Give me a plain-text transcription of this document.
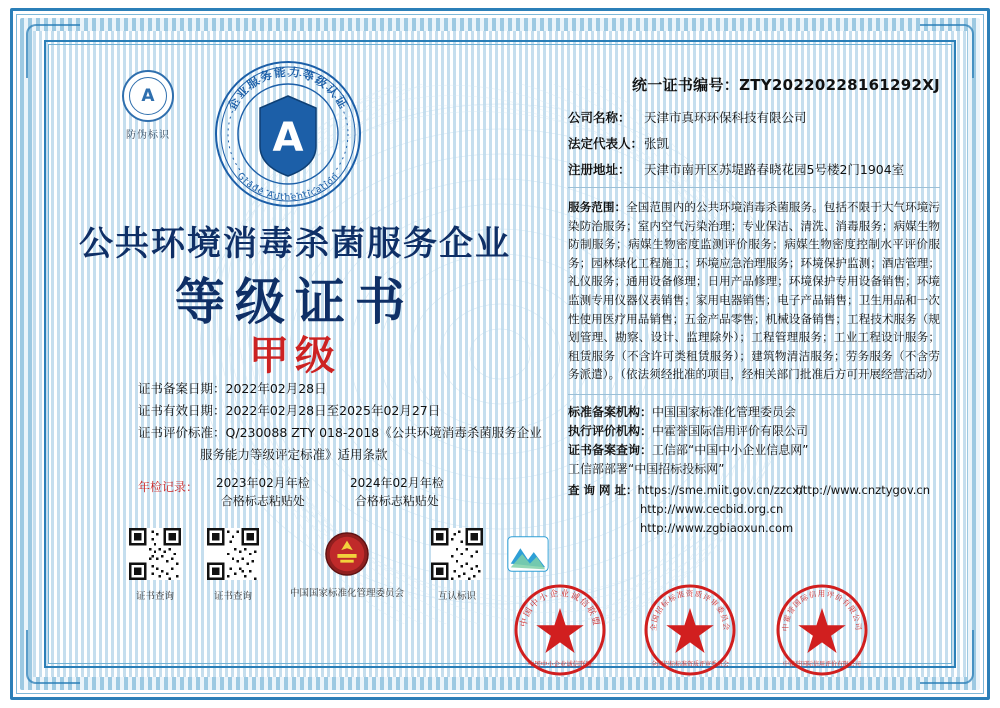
A
防伪标识	A
企业服务能力等级认证
Grade Authentication
公共环境消毒杀菌服务企业
等级证书
甲级
证书备案日期：2022年02月28日
证书有效日期：2022年02月28日至2025年02月27日
证书评价标准：Q/230088 ZTY 018-2018《公共环境消毒杀菌服务企业
服务能力等级评定标准》适用条款
年检记录： 2023年02月年检
合格标志粘贴处
2024年02月年检
合格标志粘贴处
证书查询	证书查询	中国国家标准化管理委员会	互认标识
统一证书编号：ZTY20220228161292XJ
公司名称： 天津市真环环保科技有限公司
法定代表人：张凯
注册地址： 天津市南开区苏堤路春晓花园5号楼2门1904室
服务范围：全国范围内的公共环境消毒杀菌服务。包括不限于大气环境污染防治服务；室内空气污染治理；专业保洁、清洗、消毒服务；病媒生物防制服务；病媒生物密度监测评价服务；病媒生物密度控制水平评价服务；园林绿化工程施工；环境应急治理服务；环境保护监测；酒店管理；礼仪服务；通用设备修理；日用产品修理；环境保护专用设备销售；环境监测专用仪器仪表销售；家用电器销售；电子产品销售；卫生用品和一次性使用医疗用品销售；五金产品零售；机械设备销售；工程技术服务（规划管理、勘察、设计、监理除外）；工程管理服务；工业工程设计服务；租赁服务（不含许可类租赁服务）；建筑物清洁服务；劳务服务（不含劳务派遣）。（依法须经批准的项目，经相关部门批准后方可开展经营活动）
标准备案机构：中国国家标准化管理委员会
执行评价机构：中霍誉国际信用评价有限公司
证书备案查询：工信部“中国中小企业信息网”
工信部部署“中国招标投标网”
查 询 网 址：https://sme.miit.gov.cn/zzcx/http://www.cnztygov.cn
http://www.cecbid.org.cnhttp://www.zgbiaoxun.com
中国中小企业诚信联盟
中国中小企业诚信联盟
全国招标标准资质评审委员会
全国招标标准资质评审委员会
中霍誉国际信用评价有限公司
中霍誉国际信用评价有限公司
